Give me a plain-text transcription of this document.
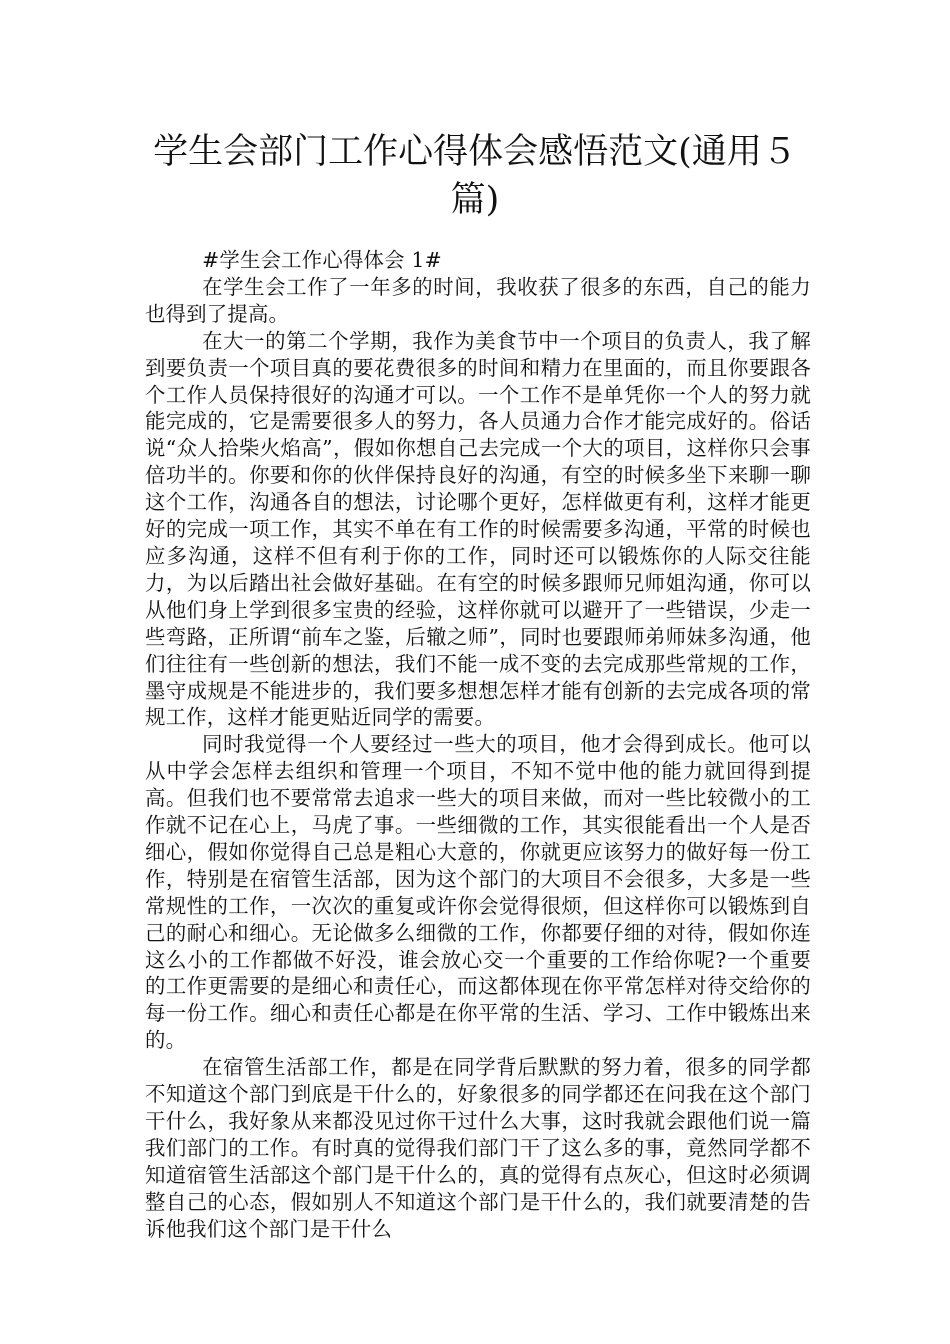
学生会部门工作心得体会感悟范文(通用５篇)

#学生会工作心得体会 1#

在学生会工作了一年多的时间，我收获了很多的东西，自己的能力也得到了提高。

在大一的第二个学期，我作为美食节中一个项目的负责人，我了解到要负责一个项目真的要花费很多的时间和精力在里面的，而且你要跟各个工作人员保持很好的沟通才可以。一个工作不是单凭你一个人的努力就能完成的，它是需要很多人的努力，各人员通力合作才能完成好的。俗话说“众人拾柴火焰高”，假如你想自己去完成一个大的项目，这样你只会事倍功半的。你要和你的伙伴保持良好的沟通，有空的时候多坐下来聊一聊这个工作，沟通各自的想法，讨论哪个更好，怎样做更有利，这样才能更好的完成一项工作，其实不单在有工作的时候需要多沟通，平常的时候也应多沟通，这样不但有利于你的工作，同时还可以锻炼你的人际交往能力，为以后踏出社会做好基础。在有空的时候多跟师兄师姐沟通，你可以从他们身上学到很多宝贵的经验，这样你就可以避开了一些错误，少走一些弯路，正所谓“前车之鉴，后辙之师”，同时也要跟师弟师妹多沟通，他们往往有一些创新的想法，我们不能一成不变的去完成那些常规的工作，墨守成规是不能进步的，我们要多想想怎样才能有创新的去完成各项的常规工作，这样才能更贴近同学的需要。

同时我觉得一个人要经过一些大的项目，他才会得到成长。他可以从中学会怎样去组织和管理一个项目，不知不觉中他的能力就回得到提高。但我们也不要常常去追求一些大的项目来做，而对一些比较微小的工作就不记在心上，马虎了事。一些细微的工作，其实很能看出一个人是否细心，假如你觉得自己总是粗心大意的，你就更应该努力的做好每一份工作，特别是在宿管生活部，因为这个部门的大项目不会很多，大多是一些常规性的工作，一次次的重复或许你会觉得很烦，但这样你可以锻炼到自己的耐心和细心。无论做多么细微的工作，你都要仔细的对待，假如你连这么小的工作都做不好没，谁会放心交一个重要的工作给你呢?一个重要的工作更需要的是细心和责任心，而这都体现在你平常怎样对待交给你的每一份工作。细心和责任心都是在你平常的生活、学习、工作中锻炼出来的。

在宿管生活部工作，都是在同学背后默默的努力着，很多的同学都不知道这个部门到底是干什么的，好象很多的同学都还在问我在这个部门干什么，我好象从来都没见过你干过什么大事，这时我就会跟他们说一篇我们部门的工作。有时真的觉得我们部门干了这么多的事，竟然同学都不知道宿管生活部这个部门是干什么的，真的觉得有点灰心，但这时必须调整自己的心态，假如别人不知道这个部门是干什么的，我们就要清楚的告诉他我们这个部门是干什么
